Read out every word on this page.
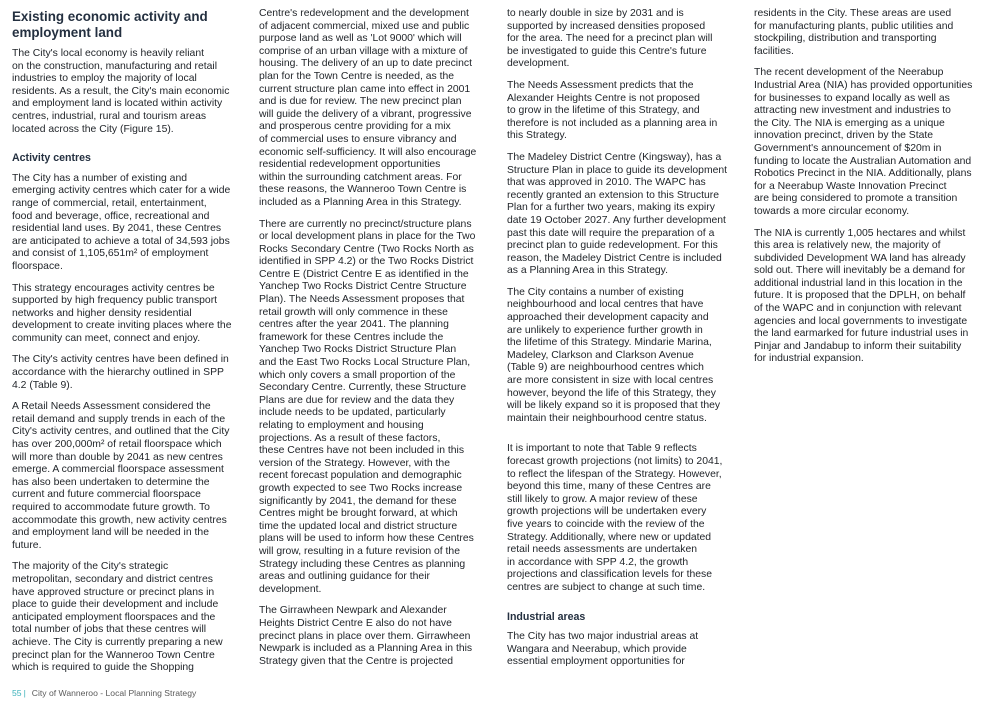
Existing economic activity and
employment land

The City's local economy is heavily reliant
on the construction, manufacturing and retail
industries to employ the majority of local
residents. As a result, the City's main economic
and employment land is located within activity
centres, industrial, rural and tourism areas
located across the City (Figure 15).

Activity centres

The City has a number of existing and
emerging activity centres which cater for a wide
range of commercial, retail, entertainment,
food and beverage, office, recreational and
residential land uses. By 2041, these Centres
are anticipated to achieve a total of 34,593 jobs
and consist of 1,105,651m² of employment
floorspace.

This strategy encourages activity centres be
supported by high frequency public transport
networks and higher density residential
development to create inviting places where the
community can meet, connect and enjoy.

The City's activity centres have been defined in
accordance with the hierarchy outlined in SPP
4.2 (Table 9).

A Retail Needs Assessment considered the
retail demand and supply trends in each of the
City's activity centres, and outlined that the City
has over 200,000m² of retail floorspace which
will more than double by 2041 as new centres
emerge. A commercial floorspace assessment
has also been undertaken to determine the
current and future commercial floorspace
required to accommodate future growth. To
accommodate this growth, new activity centres
and employment land will be needed in the
future.

The majority of the City's strategic
metropolitan, secondary and district centres
have approved structure or precinct plans in
place to guide their development and include
anticipated employment floorspaces and the
total number of jobs that these centres will
achieve. The City is currently preparing a new
precinct plan for the Wanneroo Town Centre
which is required to guide the Shopping

Centre's redevelopment and the development
of adjacent commercial, mixed use and public
purpose land as well as 'Lot 9000' which will
comprise of an urban village with a mixture of
housing. The delivery of an up to date precinct
plan for the Town Centre is needed, as the
current structure plan came into effect in 2001
and is due for review. The new precinct plan
will guide the delivery of a vibrant, progressive
and prosperous centre providing for a mix
of commercial uses to ensure vibrancy and
economic self-sufficiency. It will also encourage
residential redevelopment opportunities
within the surrounding catchment areas. For
these reasons, the Wanneroo Town Centre is
included as a Planning Area in this Strategy.

There are currently no precinct/structure plans
or local development plans in place for the Two
Rocks Secondary Centre (Two Rocks North as
identified in SPP 4.2) or the Two Rocks District
Centre E (District Centre E as identified in the
Yanchep Two Rocks District Centre Structure
Plan). The Needs Assessment proposes that
retail growth will only commence in these
centres after the year 2041. The planning
framework for these Centres include the
Yanchep Two Rocks District Structure Plan
and the East Two Rocks Local Structure Plan,
which only covers a small proportion of the
Secondary Centre. Currently, these Structure
Plans are due for review and the data they
include needs to be updated, particularly
relating to employment and housing
projections. As a result of these factors,
these Centres have not been included in this
version of the Strategy. However, with the
recent forecast population and demographic
growth expected to see Two Rocks increase
significantly by 2041, the demand for these
Centres might be brought forward, at which
time the updated local and district structure
plans will be used to inform how these Centres
will grow, resulting in a future revision of the
Strategy including these Centres as planning
areas and outlining guidance for their
development.

The Girrawheen Newpark and Alexander
Heights District Centre E also do not have
precinct plans in place over them. Girrawheen
Newpark is included as a Planning Area in this
Strategy given that the Centre is projected

to nearly double in size by 2031 and is
supported by increased densities proposed
for the area. The need for a precinct plan will
be investigated to guide this Centre's future
development.

The Needs Assessment predicts that the
Alexander Heights Centre is not proposed
to grow in the lifetime of this Strategy, and
therefore is not included as a planning area in
this Strategy.

The Madeley District Centre (Kingsway), has a
Structure Plan in place to guide its development
that was approved in 2010. The WAPC has
recently granted an extension to this Structure
Plan for a further two years, making its expiry
date 19 October 2027. Any further development
past this date will require the preparation of a
precinct plan to guide redevelopment. For this
reason, the Madeley District Centre is included
as a Planning Area in this Strategy.

The City contains a number of existing
neighbourhood and local centres that have
approached their development capacity and
are unlikely to experience further growth in
the lifetime of this Strategy. Mindarie Marina,
Madeley, Clarkson and Clarkson Avenue
(Table 9) are neighbourhood centres which
are more consistent in size with local centres
however, beyond the life of this Strategy, they
will be likely expand so it is proposed that they
maintain their neighbourhood centre status.

It is important to note that Table 9 reflects
forecast growth projections (not limits) to 2041,
to reflect the lifespan of the Strategy. However,
beyond this time, many of these Centres are
still likely to grow. A major review of these
growth projections will be undertaken every
five years to coincide with the review of the
Strategy. Additionally, where new or updated
retail needs assessments are undertaken
in accordance with SPP 4.2, the growth
projections and classification levels for these
centres are subject to change at such time.

Industrial areas

The City has two major industrial areas at
Wangara and Neerabup, which provide
essential employment opportunities for

residents in the City. These areas are used
for manufacturing plants, public utilities and
stockpiling, distribution and transporting
facilities.

The recent development of the Neerabup
Industrial Area (NIA) has provided opportunities
for businesses to expand locally as well as
attracting new investment and industries to
the City. The NIA is emerging as a unique
innovation precinct, driven by the State
Government's announcement of $20m in
funding to locate the Australian Automation and
Robotics Precinct in the NIA. Additionally, plans
for a Neerabup Waste Innovation Precinct
are being considered to promote a transition
towards a more circular economy.

The NIA is currently 1,005 hectares and whilst
this area is relatively new, the majority of
subdivided Development WA land has already
sold out. There will inevitably be a demand for
additional industrial land in this location in the
future. It is proposed that the DPLH, on behalf
of the WAPC and in conjunction with relevant
agencies and local governments to investigate
the land earmarked for future industrial uses in
Pinjar and Jandabup to inform their suitability
for industrial expansion.

55 | City of Wanneroo - Local Planning Strategy
